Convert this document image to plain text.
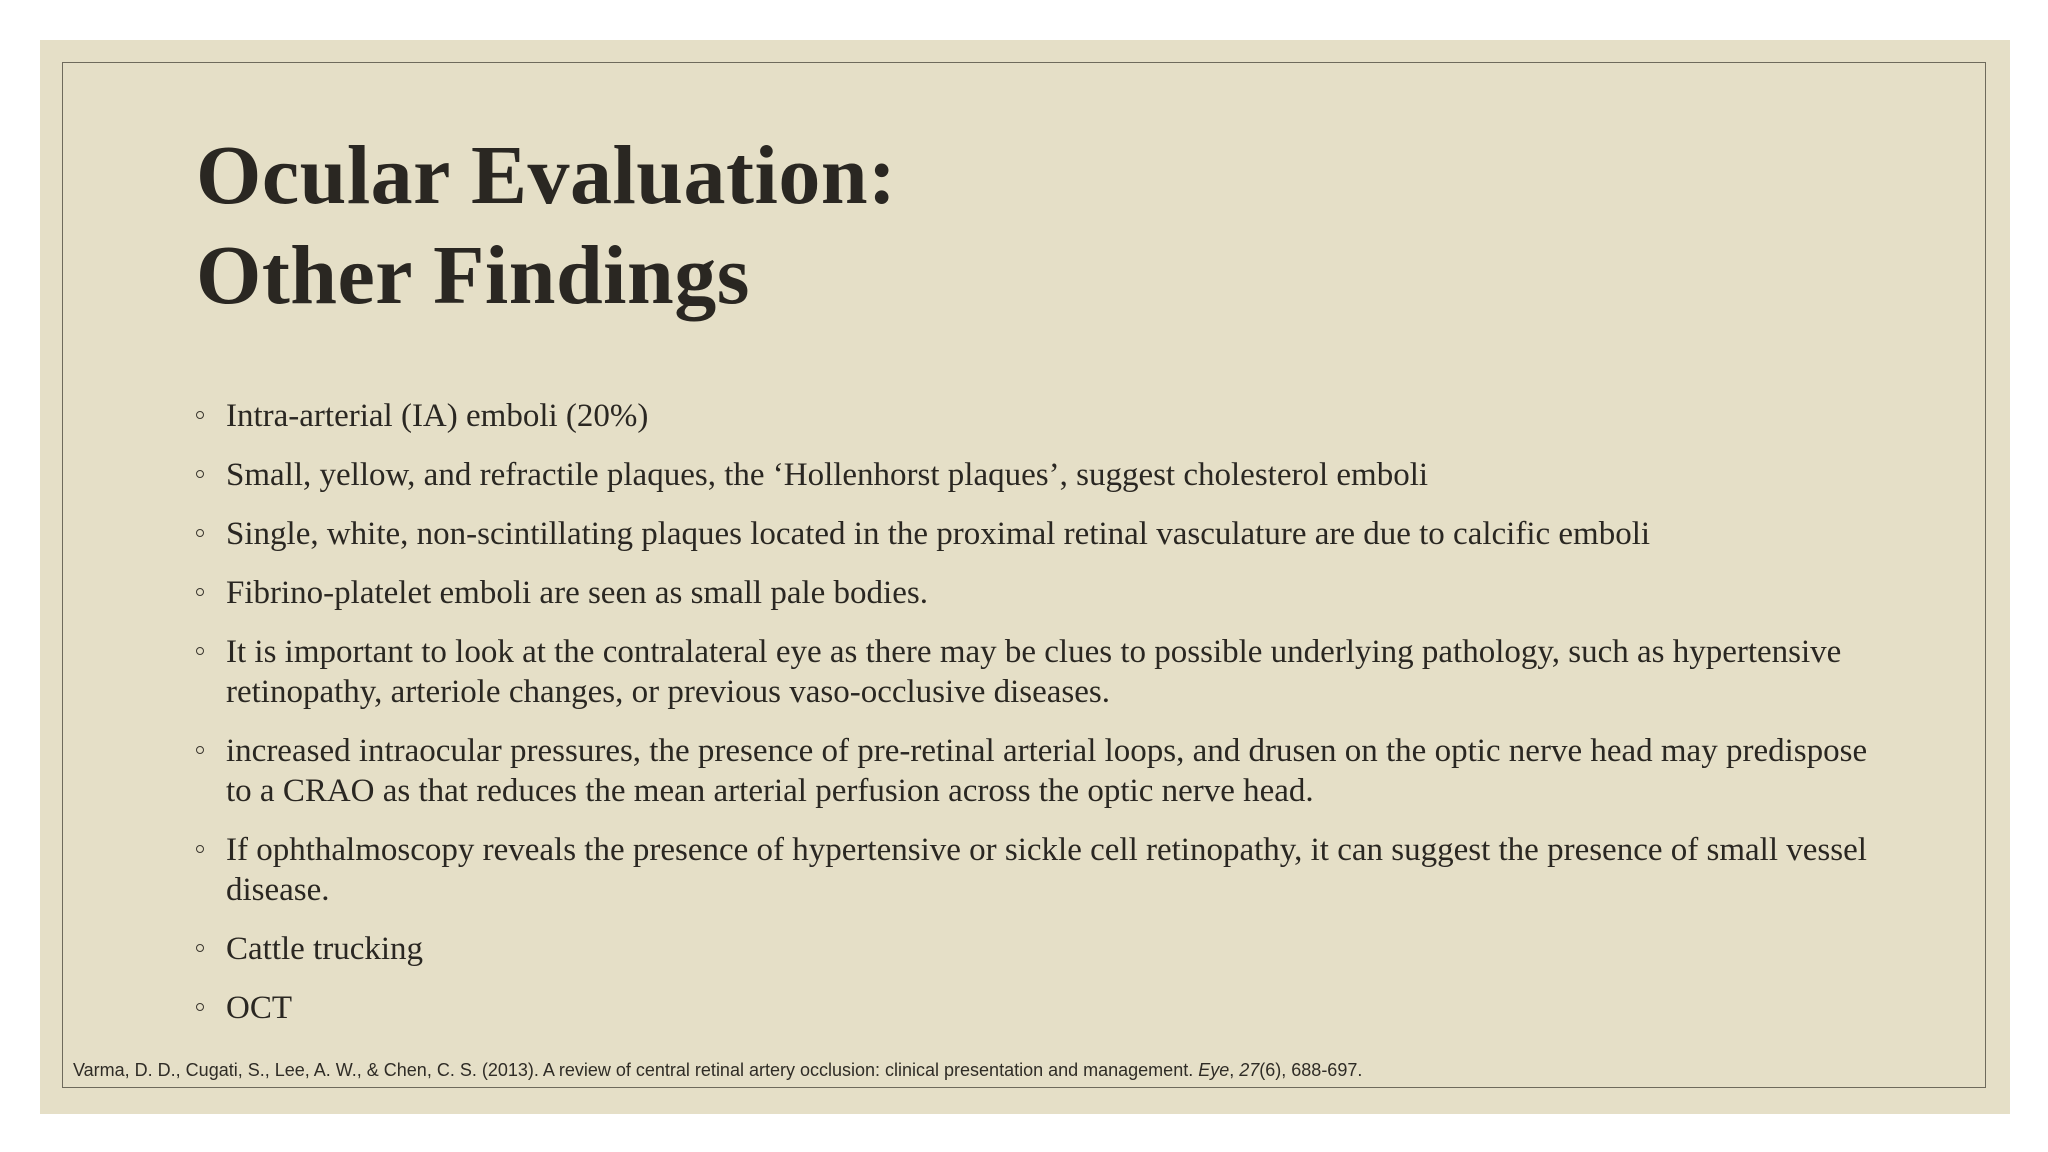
Ocular Evaluation:
Other Findings
Intra-arterial (IA) emboli (20%)
Small, yellow, and refractile plaques, the ‘Hollenhorst plaques’, suggest cholesterol emboli
Single, white, non-scintillating plaques located in the proximal retinal vasculature are due to calcific emboli
Fibrino-platelet emboli are seen as small pale bodies.
It is important to look at the contralateral eye as there may be clues to possible underlying pathology, such as hypertensive retinopathy, arteriole changes, or previous vaso-occlusive diseases.
increased intraocular pressures, the presence of pre-retinal arterial loops, and drusen on the optic nerve head may predispose to a CRAO as that reduces the mean arterial perfusion across the optic nerve head.
If ophthalmoscopy reveals the presence of hypertensive or sickle cell retinopathy, it can suggest the presence of small vessel disease.
Cattle trucking
OCT

Varma, D. D., Cugati, S., Lee, A. W., & Chen, C. S. (2013). A review of central retinal artery occlusion: clinical presentation and management. Eye, 27(6), 688-697.
